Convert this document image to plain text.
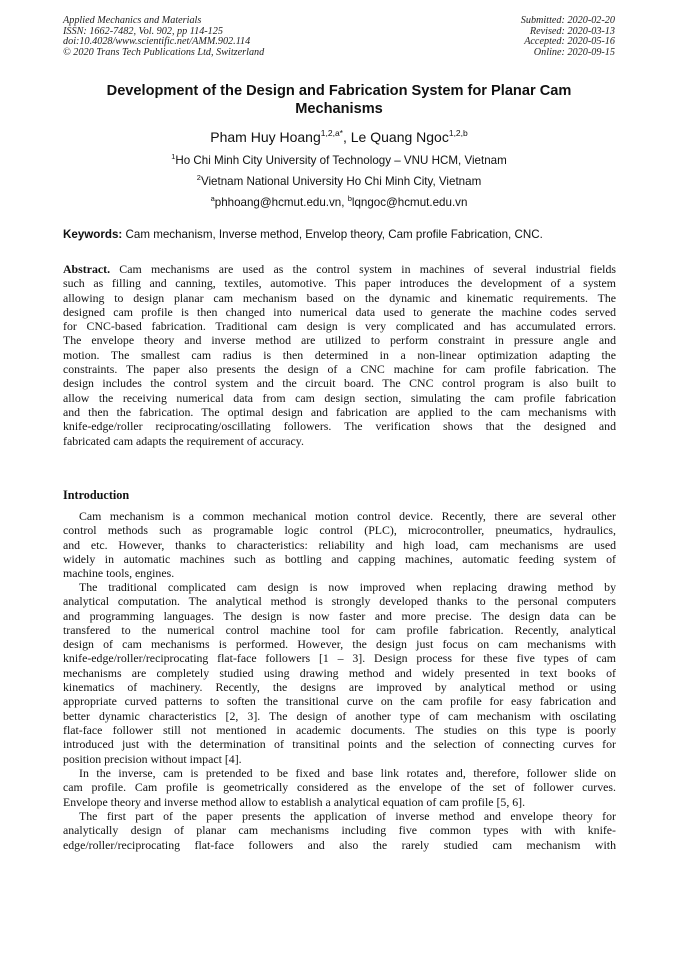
Applied Mechanics and Materials
ISSN: 1662-7482, Vol. 902, pp 114-125
doi:10.4028/www.scientific.net/AMM.902.114
© 2020 Trans Tech Publications Ltd, Switzerland
Submitted: 2020-02-20
Revised: 2020-03-13
Accepted: 2020-05-16
Online: 2020-09-15
Development of the Design and Fabrication System for Planar Cam
Mechanisms
Pham Huy Hoang$^{1,2,a*}$, Le Quang Ngoc$^{1,2,b}$
$^1$Ho Chi Minh City University of Technology – VNU HCM, Vietnam
$^2$Vietnam National University Ho Chi Minh City, Vietnam
$^a$phhoang@hcmut.edu.vn, $^b$lqngoc@hcmut.edu.vn
Keywords: Cam mechanism, Inverse method, Envelop theory, Cam profile Fabrication, CNC.
Abstract. Cam mechanisms are used as the control system in machines of several industrial fields
such as filling and canning, textiles, automotive. This paper introduces the development of a system
allowing to design planar cam mechanism based on the dynamic and kinematic requirements. The
designed cam profile is then changed into numerical data used to generate the machine codes served
for CNC-based fabrication. Traditional cam design is very complicated and has accumulated errors.
The envelope theory and inverse method are utilized to perform constraint in pressure angle and
motion. The smallest cam radius is then determined in a non-linear optimization adapting the
constraints. The paper also presents the design of a CNC machine for cam profile fabrication. The
design includes the control system and the circuit board. The CNC control program is also built to
allow the receiving numerical data from cam design section, simulating the cam profile fabrication
and then the fabrication. The optimal design and fabrication are applied to the cam mechanisms with
knife-edge/roller reciprocating/oscillating followers. The verification shows that the designed and
fabricated cam adapts the requirement of accuracy.
Introduction
Cam mechanism is a common mechanical motion control device. Recently, there are several other
control methods such as programable logic control (PLC), microcontroller, pneumatics, hydraulics,
and etc. However, thanks to characteristics: reliability and high load, cam mechanisms are used
widely in automatic machines such as bottling and capping machines, automatic feeding system of
machine tools, engines.
The traditional complicated cam design is now improved when replacing drawing method by
analytical computation. The analytical method is strongly developed thanks to the personal computers
and programming languages. The design is now faster and more precise. The design data can be
transfered to the numerical control machine tool for cam profile fabrication. Recently, analytical
design of cam mechanisms is performed. However, the design just focus on cam mechanisms with
knife-edge/roller/reciprocating flat-face followers [1 – 3]. Design process for these five types of cam
mechanisms are completely studied using drawing method and widely presented in text books of
kinematics of machinery. Recently, the designs are improved by analytical method or using
appropriate curved patterns to soften the transitional curve on the cam profile for easy fabrication and
better dynamic characteristics [2, 3]. The design of another type of cam mechanism with oscilating
flat-face follower still not mentioned in academic documents. The studies on this type is poorly
introduced just with the determination of transitinal points and the selection of connecting curves for
position precision without impact [4].
In the inverse, cam is pretended to be fixed and base link rotates and, therefore, follower slide on
cam profile. Cam profile is geometrically considered as the envelope of the set of follower curves.
Envelope theory and inverse method allow to establish a analytical equation of cam profile [5, 6].
The first part of the paper presents the application of inverse method and envelope theory for
analytically design of planar cam mechanisms including five common types with with knife-
edge/roller/reciprocating flat-face followers and also the rarely studied cam mechanism with
